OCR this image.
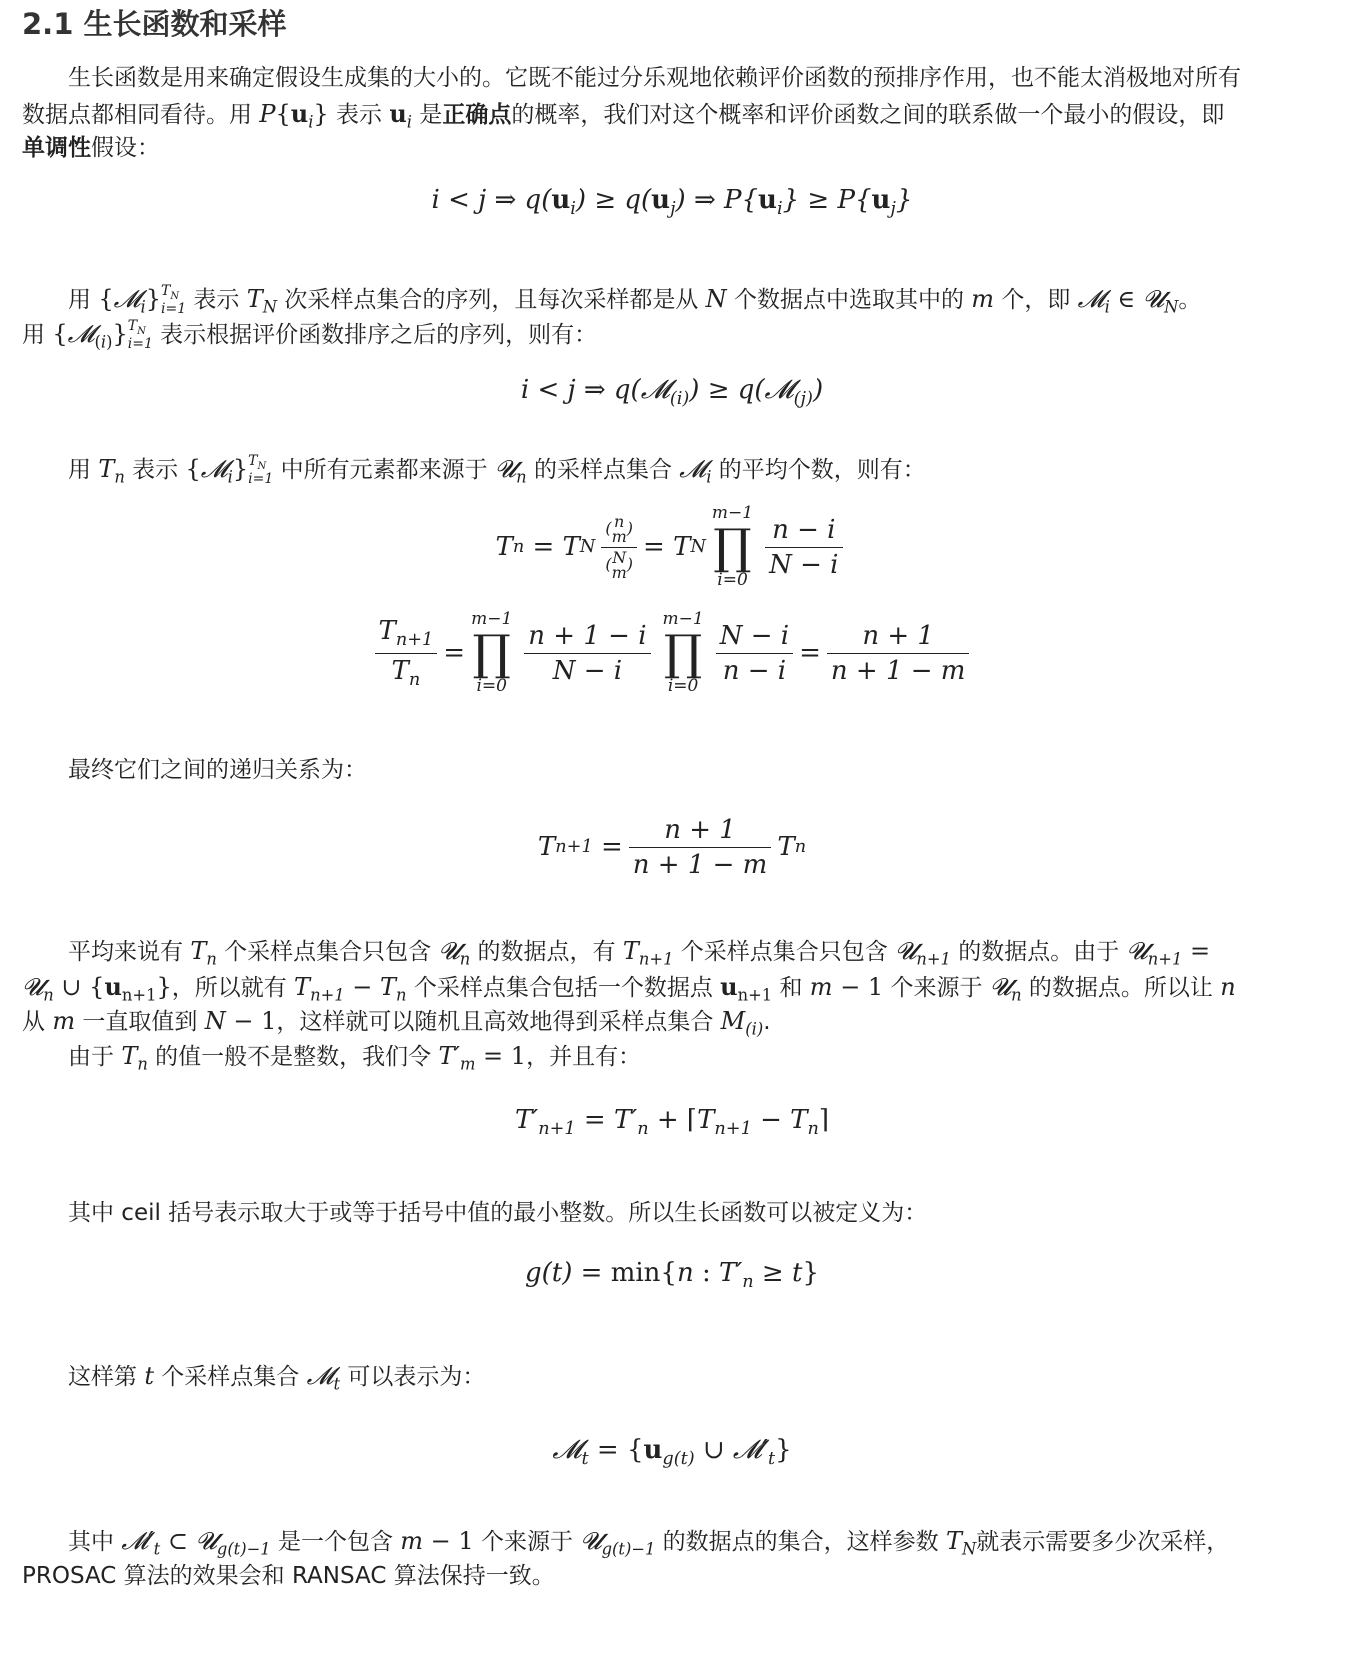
2.1 生长函数和采样
生长函数是用来确定假设生成集的大小的。它既不能过分乐观地依赖评价函数的预排序作用，也不能太消极地对所有
数据点都相同看待。用 $P\{u_i\}$ 表示 $u_i$ 是正确点的概率，我们对这个概率和评价函数之间的联系做一个最小的假设，即
单调性假设：
i < j ⇒ $q(u_i) \ge q(u_j)$ ⇒ $P\{u_i\} \ge P\{u_j\}$
用 {𝓜$_i$} $T_N$
i=1 表示 $T_N$ 次采样点集合的序列，且每次采样都是从 N 个数据点中选取其中的 m 个，即 𝓜$_i$ ∈ 𝓤$_N$。
用 {𝓜$_{(i)}$} $T_N$
i=1 表示根据评价函数排序之后的序列，则有：
i < j ⇒ q(𝓜$_{(i)}$) ≥ q(𝓜$_{(j)}$)
用 $T_n$ 表示 {𝓜$_i$} $T_N$
i=1 中所有元素都来源于 𝓤$_n$ 的采样点集合 𝓜$_i$ 的平均个数，则有：
T n
= T N
( n
m)
(N
m)
= T N
m−1
∏
i=0
$\frac{n - i}{N - i}$
$\frac{T_{n+1}}{T_n}$ =
m−1
∏
i=0
$\frac{n + 1 - i}{N - i}$
m−1
∏
i=0
$\frac{N - i}{n - i} = \frac{n + 1}{n + 1 - m}$
最终它们之间的递归关系为：
T n+1
= $\frac{n + 1}{n + 1 - m}$ T n
平均来说有 $T_n$ 个采样点集合只包含 𝓤$_n$ 的数据点，有 $T_{n+1}$ 个采样点集合只包含 𝓤$_{n+1}$ 的数据点。由于 𝓤$_{n+1}$ =
𝓤$_n$ ∪ $\{u_{n+1}\}$，所以就有 $T_{n+1} - T_n$ 个采样点集合包括一个数据点 $u_{n+1}$ 和 m − 1 个来源于 𝓤$_n$ 的数据点。所以让 n
从 m 一直取值到 N − 1，这样就可以随机且高效地得到采样点集合 $M_{(i)}$.
由于 $T_n$ 的值一般不是整数，我们令 $T'_m = 1$，并且有：
$T'_{n+1} = T'_n$ + $⌈T_{n+1}$ − $T_n⌉$
其中 ceil 括号表示取大于或等于括号中值的最小整数。所以生长函数可以被定义为：
g(t) = min{n : $T'_n \ge t$}
这样第 t 个采样点集合 𝓜$_t$ 可以表示为：
𝓜$_t$ = {$u_{g(t)}$ ∪ $𝓜'_t$}
其中 $𝓜'_t$ ⊂ 𝓤$_{g(t)-1}$ 是一个包含 m − 1 个来源于 𝓤$_{g(t)-1}$ 的数据点的集合，这样参数 $T_N$就表示需要多少次采样，
PROSAC 算法的效果会和 RANSAC 算法保持一致。
